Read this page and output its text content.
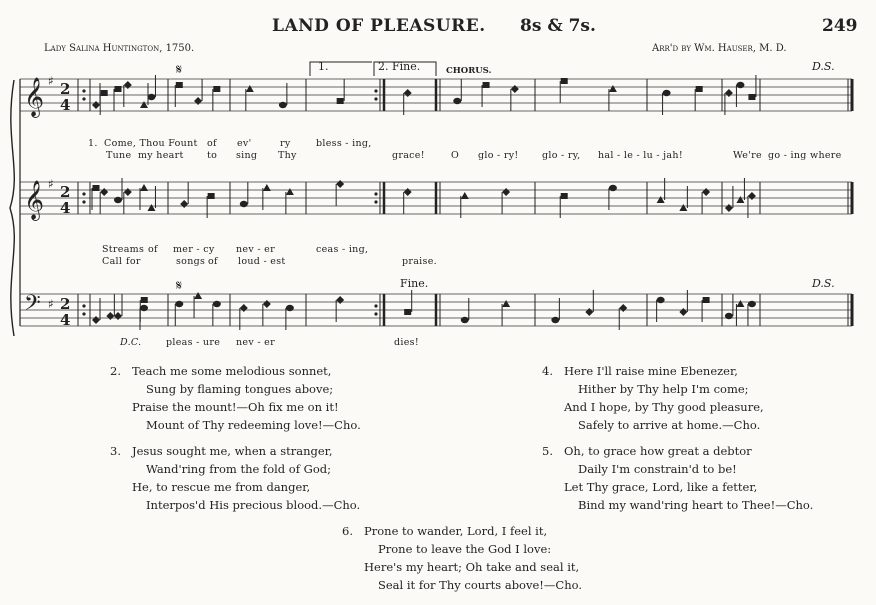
LAND OF PLEASURE. 8s & 7s.	249
Lady Salina Huntington, 1750.	Arr'd by Wm. Hauser, M. D.
𝄞 ♯ 2
4
𝄞 ♯ 2
4
𝄢 ♯ 2
4
𝄋
𝄋
1.	2. Fine.	CHORUS.	D.S.
Fine.	D.S.
1. Come, Thou Fount of ev'	ry	bless - ing,
Tune my heart to sing Thy	grace!	O glo - ry! glo - ry, hal - le - lu - jah!	We're go - ing where
Streams of mer - cy nev - er	ceas - ing,
Call for	songs of loud - est	praise.
D.C.	pleas - ure nev - er	dies!
2. Teach me some melodious sonnet,
Sung by flaming tongues above;
Praise the mount!—Oh fix me on it!
Mount of Thy redeeming love!—Cho.
3. Jesus sought me, when a stranger,
Wand'ring from the fold of God;
He, to rescue me from danger,
Interpos'd His precious blood.—Cho.
4. Here I'll raise mine Ebenezer,
Hither by Thy help I'm come;
And I hope, by Thy good pleasure,
Safely to arrive at home.—Cho.
5. Oh, to grace how great a debtor
Daily I'm constrain'd to be!
Let Thy grace, Lord, like a fetter,
Bind my wand'ring heart to Thee!—Cho.
6. Prone to wander, Lord, I feel it,
Prone to leave the God I love:
Here's my heart; Oh take and seal it,
Seal it for Thy courts above!—Cho.
